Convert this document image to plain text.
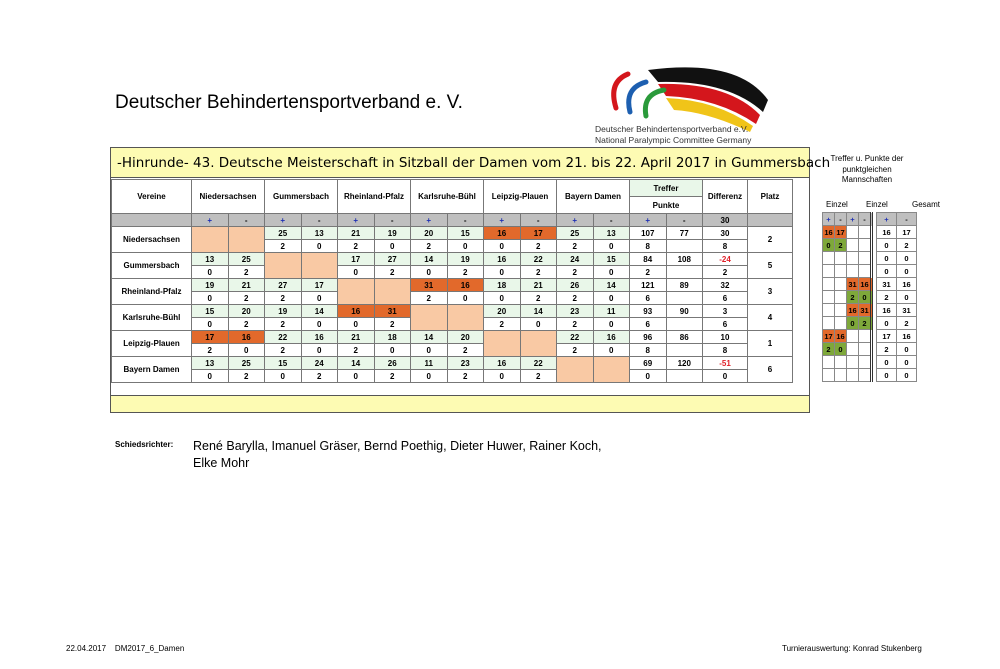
Deutscher Behindertensportverband e. V.
Deutscher Behindertensportverband e.V.
National Paralympic Committee Germany
-Hinrunde- 43. Deutsche Meisterschaft in Sitzball der Damen vom 21. bis 22. April 2017 in Gummersbach
Vereine	Niedersachsen		Gummersbach		Rheinland-Pfalz		Karlsruhe-Bühl		Leipzig-Plauen		Bayern Damen		Treffer		Differenz	Platz
													Punkte			
	+	-	+	-	+	-	+	-	+	-	+	-	+	-	30	
Niedersachsen			25	13	21	19	20	15	16	17	25	13	107	77	30	2
			2	0	2	0	2	0	0	2	2	0	8		8	
Gummersbach	13	25			17	27	14	19	16	22	24	15	84	108	-24	5
	0	2			0	2	0	2	0	2	2	0	2		2	
Rheinland-Pfalz	19	21	27	17			31	16	18	21	26	14	121	89	32	3
	0	2	2	0			2	0	0	2	2	0	6		6	
Karlsruhe-Bühl	15	20	19	14	16	31			20	14	23	11	93	90	3	4
	0	2	2	0	0	2			2	0	2	0	6		6	
Leipzig-Plauen	17	16	22	16	21	18	14	20			22	16	96	86	10	1
	2	0	2	0	2	0	0	2			2	0	8		8	
Bayern Damen	13	25	15	24	14	26	11	23	16	22			69	120	-51	6
	0	2	0	2	0	2	0	2	0	2			0		0	
Treffer u. Punkte der punktgleichen Mannschaften
Einzel Einzel	Gesamt
+	-	+	-		+	-
16	17				16	17
0	2				0	2
					0	0
					0	0
		31	16		31	16
		2	0		2	0
		16	31		16	31
		0	2		0	2
17	16				17	16
2	0				2	0
					0	0
					0	0
Schiedsrichter: René Barylla, Imanuel Gräser, Bernd Poethig, Dieter Huwer, Rainer Koch, Elke Mohr
22.04.2017    DM2017_6_Damen	Turnierauswertung: Konrad Stukenberg
